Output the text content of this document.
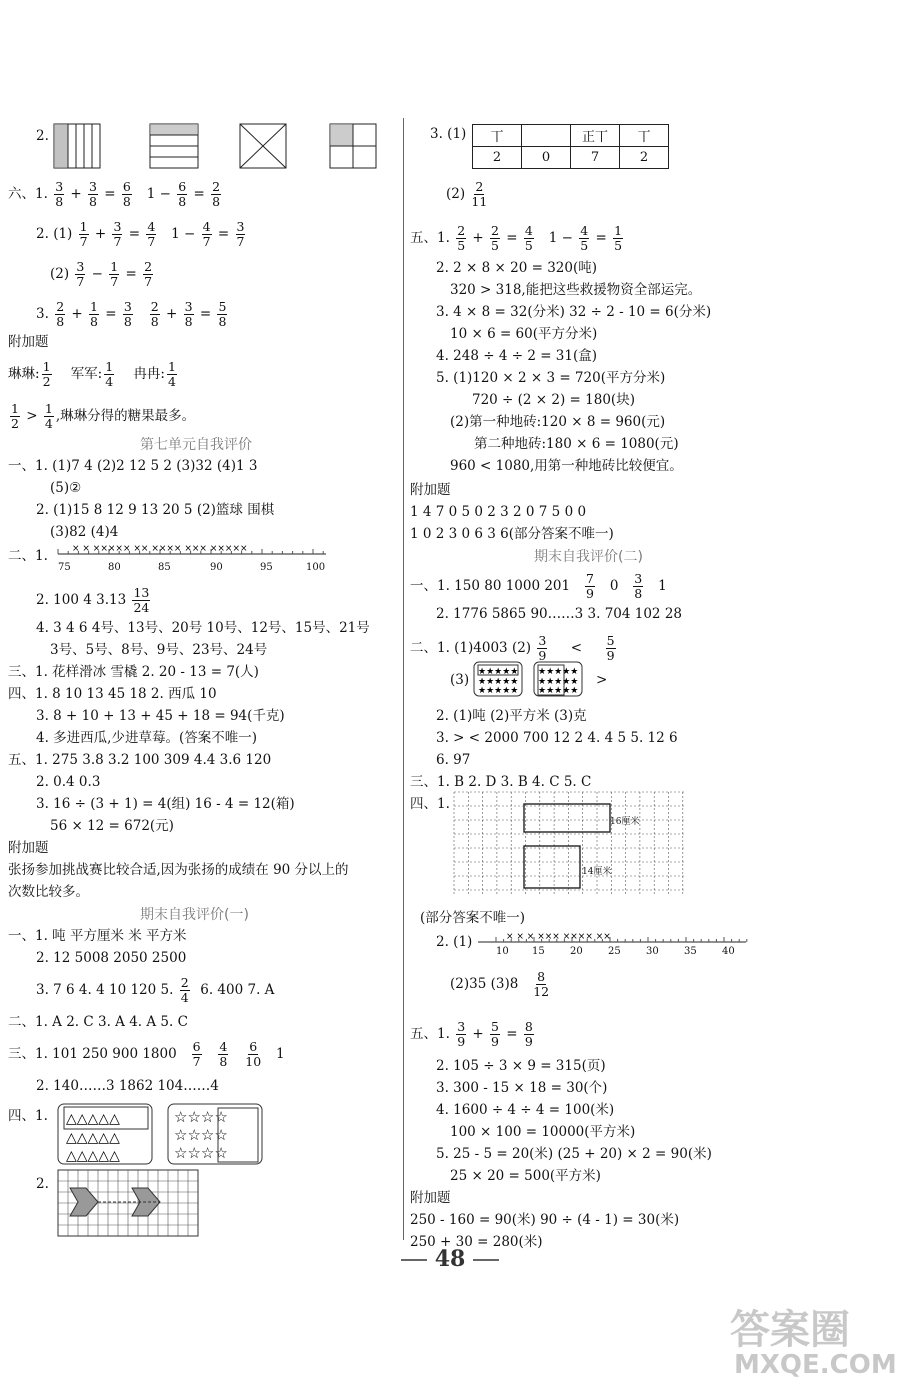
2.
六、1. $\frac{3}{8} + \frac{3}{8} = \frac{6}{8} 1 - \frac{6}{8} = \frac{2}{8}$
2. $(1) \frac{1}{7} + \frac{3}{7} = \frac{4}{7} 1 - \frac{4}{7} = \frac{3}{7}$
$(2) \frac{3}{7} - \frac{1}{7} = \frac{2}{7}$
3. $\frac{2}{8} + \frac{1}{8} = \frac{3}{8}$
$\frac{2}{8} + \frac{3}{8} = \frac{5}{8}$
附加题
琳琳: $\frac{1}{2}$ 军军: $\frac{1}{4}$ 冉冉: $\frac{1}{4}$
$\frac{1}{2} > \frac{1}{4}$ ,琳琳分得的糖果最多。
第七单元自我评价
一、1. (1)7 4 (2)2 12 5 2 (3)32 (4)1 3
(5)②
2. (1)15 8 12 9 13 20 5 (2)篮球 围棋
(3)82 (4)4
二、1.	× × ××××× ×× ×××× ××× ×××××
75	80	85	90	95	100
2. 100 4 $3.13 \frac{13}{24}$
4. 3 4 6 4号、13号、20号 10号、12号、15号、21号
3号、5号、8号、9号、23号、24号
三、1. 花样滑冰 雪橇 2. 20 - 13 = 7(人)
四、1. 8 10 13 45 18 2. 西瓜 10
3. 8 + 10 + 13 + 45 + 18 = 94(千克)
4. 多进西瓜,少进草莓。(答案不唯一)
五、1. 275 3.8 3.2 100 309 4.4 3.6 120
2. 0.4 0.3
3. 16 ÷ (3 + 1) = 4(组) 16 - 4 = 12(箱)
56 × 12 = 672(元)
附加题
张扬参加挑战赛比较合适,因为张扬的成绩在 90 分以上的
次数比较多。
期末自我评价(一)
一、1. 吨 平方厘米 米 平方米
2. 12 5008 2050 2500
3. 7 6 4. 4 10 120 5. $\frac{2}{4} 6$. 400 7. A
二、1. A 2. C 3. A 4. A 5. C
三、1. 101 250 900 $1800 \frac{6}{7}$
$\frac{4}{8}$
$\frac{6}{10} 1$
2. 140……3 1862 104……4
四、1. △△△△△
△△△△△
△△△△△
☆☆☆☆
☆☆☆☆
☆☆☆☆
2.
3. (1) 丅		正丅	丅
2	0	7	2
$(2) \frac{2}{11}$
五、1. $\frac{2}{5} + \frac{2}{5} = \frac{4}{5} 1 - \frac{4}{5} = \frac{1}{5}$
2. 2 × 8 × 20 = 320(吨)
320 > 318,能把这些救援物资全部运完。
3. 4 × 8 = 32(分米) 32 ÷ 2 - 10 = 6(分米)
10 × 6 = 60(平方分米)
4. 248 ÷ 4 ÷ 2 = 31(盒)
5. (1)120 × 2 × 3 = 720(平方分米)
720 ÷ (2 × 2) = 180(块)
(2)第一种地砖:120 × 8 = 960(元)
第二种地砖:180 × 6 = 1080(元)
960 < 1080,用第一种地砖比较便宜。
附加题
1 4 7 0 5 0 2 3 2 0 7 5 0 0
1 0 2 3 0 6 3 6(部分答案不唯一)
期末自我评价(二)
一、1. 150 80 1000 $201 \frac{7}{9} 0 \frac{3}{8} 1$
2. 1776 5865 90……3 3. 704 102 28
二、1. (1)4003 $(2) \frac{3}{9} < \frac{5}{9}$
(3) ★★★★★
★★★★★
★★★★★
★★★★★
★★★★★
★★★★★
>
2. (1)吨 (2)平方米 (3)克
3. > < 2000 700 12 2 4. 4 5 5. 12 6
6. 97
三、1. B 2. D 3. B 4. C 5. C
四、1.
16厘米
14厘米
(部分答案不唯一)
2. (1)	× × × ××× ×××× ××
10 15	20	25	30	35	40
(2)35 $(3)8 \frac{8}{12}$
五、1. $\frac{3}{9} + \frac{5}{9} = \frac{8}{9}$
2. 105 ÷ 3 × 9 = 315(页)
3. 300 - 15 × 18 = 30(个)
4. 1600 ÷ 4 ÷ 4 = 100(米)
100 × 100 = 10000(平方米)
5. 25 - 5 = 20(米) (25 + 20) × 2 = 90(米)
25 × 20 = 500(平方米)
附加题
250 - 160 = 90(米) 90 ÷ (4 - 1) = 30(米)
250 + 30 = 280(米)
48
答案圈
MXQE.COM
